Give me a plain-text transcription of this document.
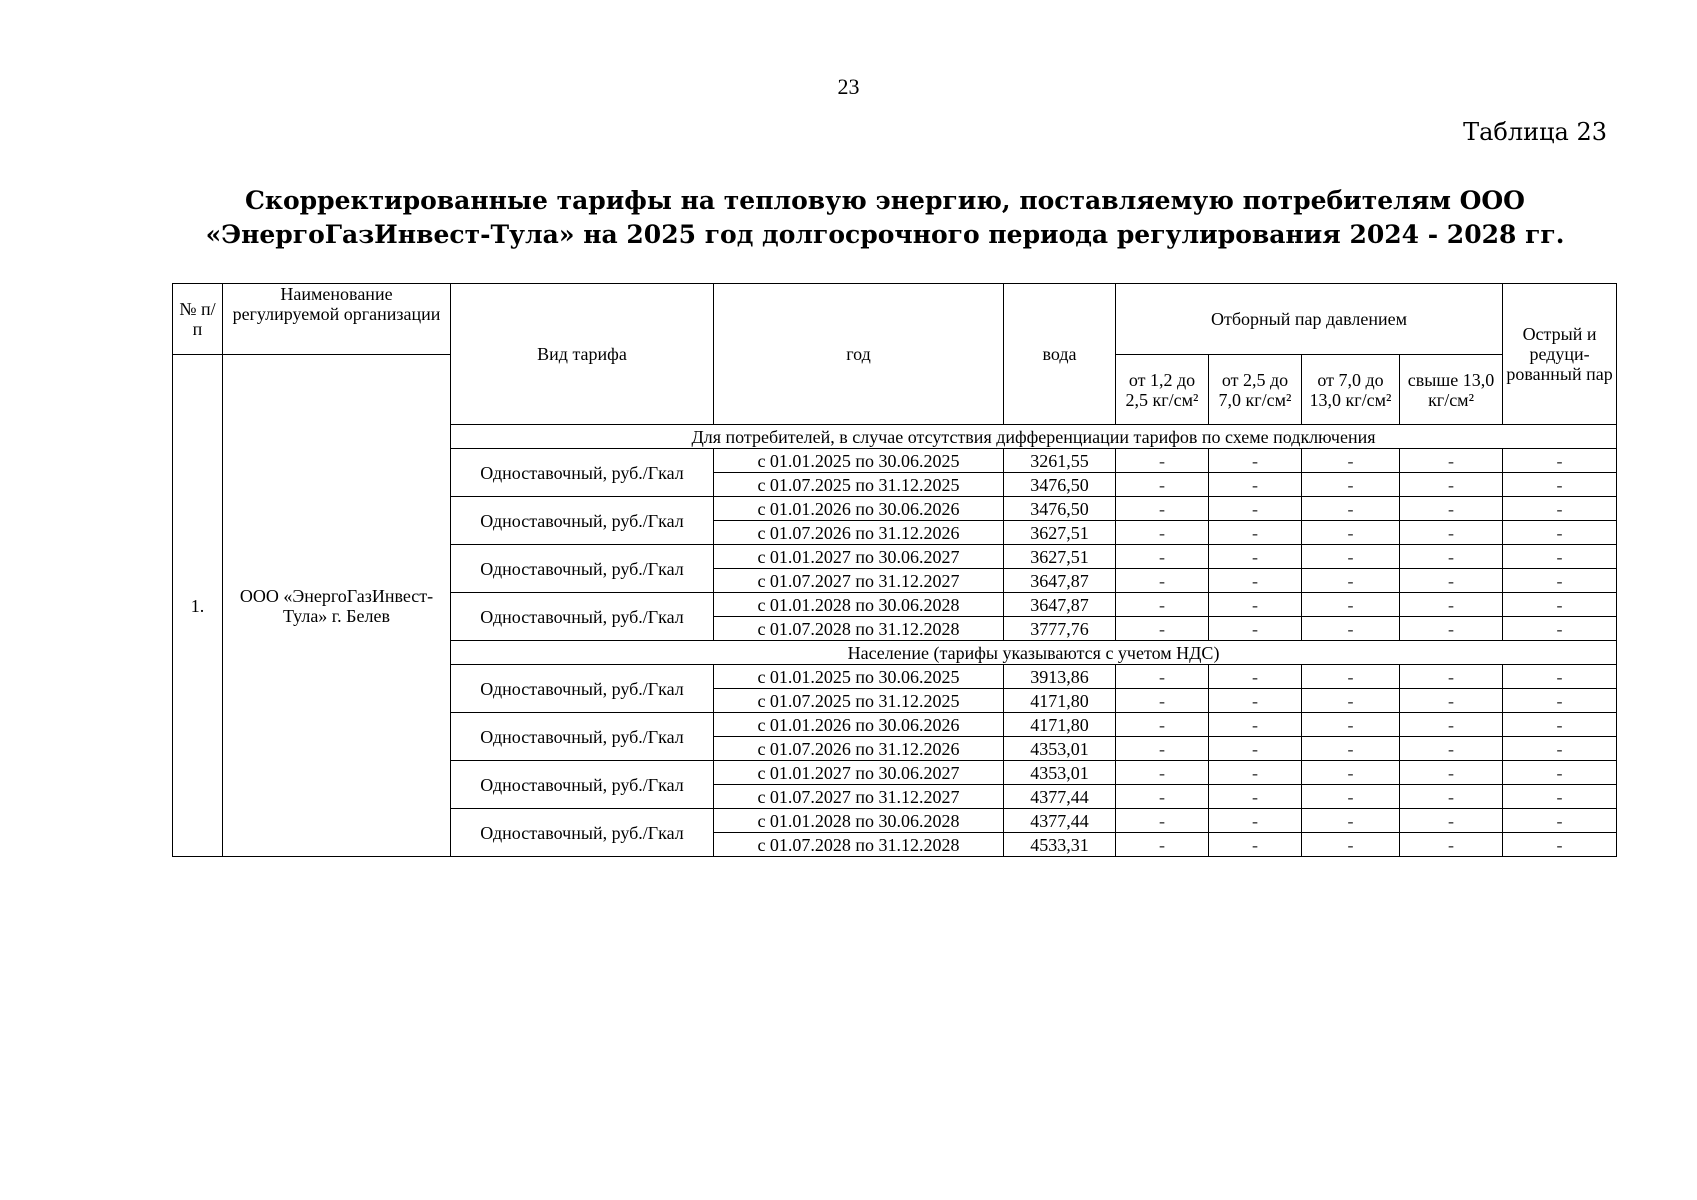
23
Таблица 23
Скорректированные тарифы на тепловую энергию, поставляемую потребителям ООО «ЭнергоГазИнвест-Тула» на 2025 год долгосрочного периода регулирования 2024 - 2028 гг.
№ п/п	Наименование регулируемой организации	Вид тарифа	год	вода	Отборный пар давлением				Острый и редуци-рованный пар
1.	ООО «ЭнергоГазИнвест-Тула» г. Белев				от 1,2 до 2,5 кг/см²	от 2,5 до 7,0 кг/см²	от 7,0 до 13,0 кг/см²	свыше 13,0 кг/см²	
		Для потребителей, в случае отсутствия дифференциации тарифов по схеме подключения							
		Одноставочный, руб./Гкал	с 01.01.2025 по 30.06.2025	3261,55	-	-	-	-	-
			с 01.07.2025 по 31.12.2025	3476,50	-	-	-	-	-
		Одноставочный, руб./Гкал	с 01.01.2026 по 30.06.2026	3476,50	-	-	-	-	-
			с 01.07.2026 по 31.12.2026	3627,51	-	-	-	-	-
		Одноставочный, руб./Гкал	с 01.01.2027 по 30.06.2027	3627,51	-	-	-	-	-
			с 01.07.2027 по 31.12.2027	3647,87	-	-	-	-	-
		Одноставочный, руб./Гкал	с 01.01.2028 по 30.06.2028	3647,87	-	-	-	-	-
			с 01.07.2028 по 31.12.2028	3777,76	-	-	-	-	-
		Население (тарифы указываются с учетом НДС)							
		Одноставочный, руб./Гкал	с 01.01.2025 по 30.06.2025	3913,86	-	-	-	-	-
			с 01.07.2025 по 31.12.2025	4171,80	-	-	-	-	-
		Одноставочный, руб./Гкал	с 01.01.2026 по 30.06.2026	4171,80	-	-	-	-	-
			с 01.07.2026 по 31.12.2026	4353,01	-	-	-	-	-
		Одноставочный, руб./Гкал	с 01.01.2027 по 30.06.2027	4353,01	-	-	-	-	-
			с 01.07.2027 по 31.12.2027	4377,44	-	-	-	-	-
		Одноставочный, руб./Гкал	с 01.01.2028 по 30.06.2028	4377,44	-	-	-	-	-
			с 01.07.2028 по 31.12.2028	4533,31	-	-	-	-	-
